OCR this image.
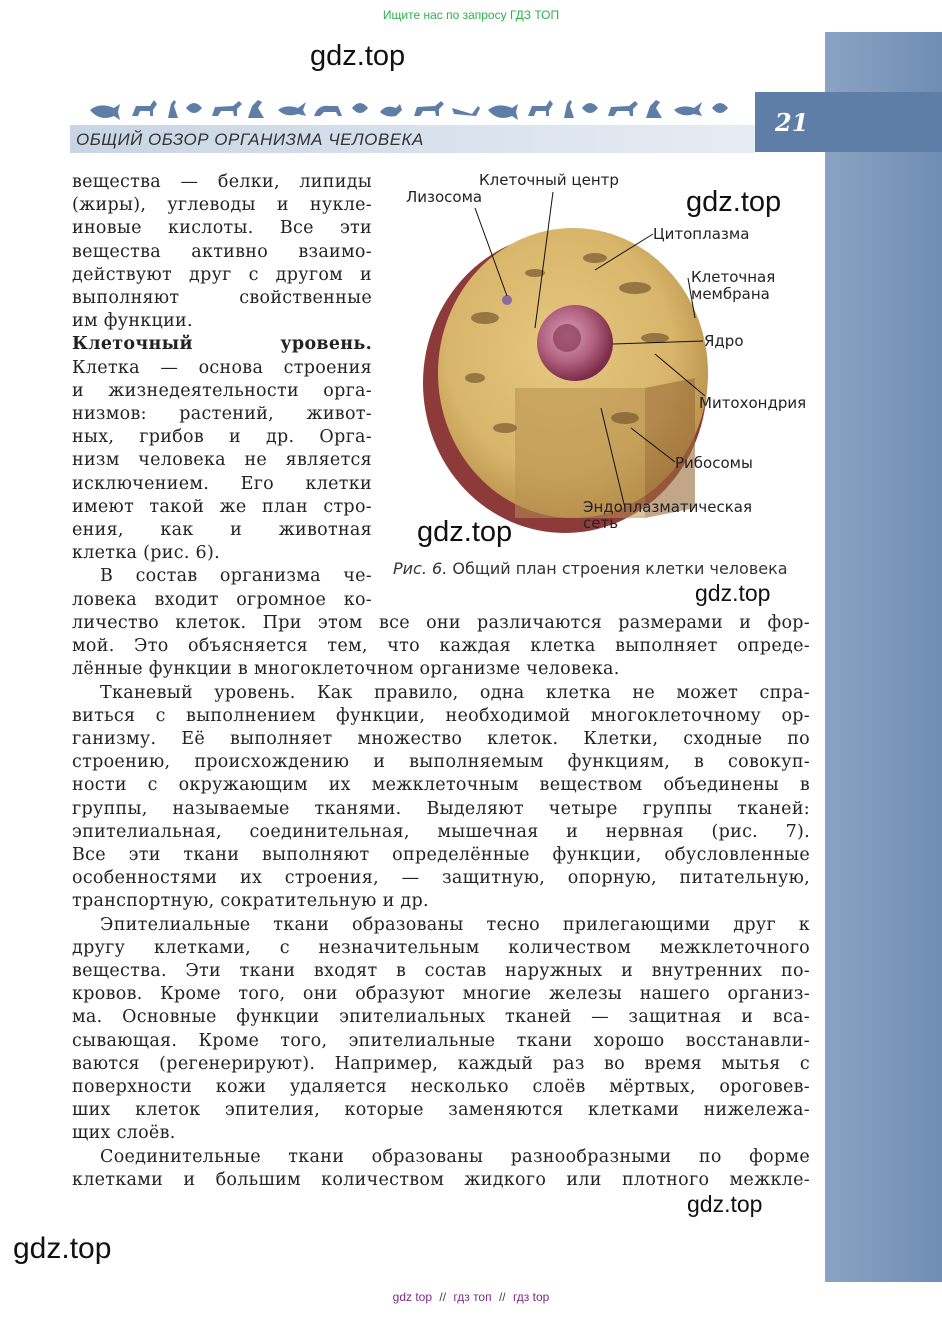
Ищите нас по запросу ГДЗ ТОП
21
ОБЩИЙ ОБЗОР ОРГАНИЗМА ЧЕЛОВЕКА
Клеточный центр
Лизосома
Цитоплазма
Клеточная
мембрана
Ядро
Митохондрия
Рибосомы
Эндоплазматическая
сеть
Рис. 6. Общий план строения клетки человека
вещества — белки, липиды
(жиры), углеводы и нукле-
иновые кислоты. Все эти
вещества активно взаимо-
действуют друг с другом и
выполняют свойственные
им функции.
Клеточный уровень.
Клетка — основа строения
и жизнедеятельности орга-
низмов: растений, живот-
ных, грибов и др. Орга-
низм человека не является
исключением. Его клетки
имеют такой же план стро-
ения, как и животная
клетка (рис. 6).
В состав организма че-
ловека входит огромное ко-
личество клеток. При этом все они различаются размерами и фор-
мой. Это объясняется тем, что каждая клетка выполняет опреде-
лённые функции в многоклеточном организме человека.
Тканевый уровень. Как правило, одна клетка не может спра-
виться с выполнением функции, необходимой многоклеточному ор-
ганизму. Её выполняет множество клеток. Клетки, сходные по
строению, происхождению и выполняемым функциям, в совокуп-
ности с окружающим их межклеточным веществом объединены в
группы, называемые тканями. Выделяют четыре группы тканей:
эпителиальная, соединительная, мышечная и нервная (рис. 7).
Все эти ткани выполняют определённые функции, обусловленные
особенностями их строения, — защитную, опорную, питательную,
транспортную, сократительную и др.
Эпителиальные ткани образованы тесно прилегающими друг к
другу клетками, с незначительным количеством межклеточного
вещества. Эти ткани входят в состав наружных и внутренних по-
кровов. Кроме того, они образуют многие железы нашего организ-
ма. Основные функции эпителиальных тканей — защитная и вса-
сывающая. Кроме того, эпителиальные ткани хорошо восстанавли-
ваются (регенерируют). Например, каждый раз во время мытья с
поверхности кожи удаляется несколько слоёв мёртвых, ороговев-
ших клеток эпителия, которые заменяются клетками нижележа-
щих слоёв.
Соединительные ткани образованы разнообразными по форме
клетками и большим количеством жидкого или плотного межкле-
gdz.top
gdz.top
gdz.top
gdz.top
gdz.top
gdz.top
gdz top // гдз топ // гдз top
